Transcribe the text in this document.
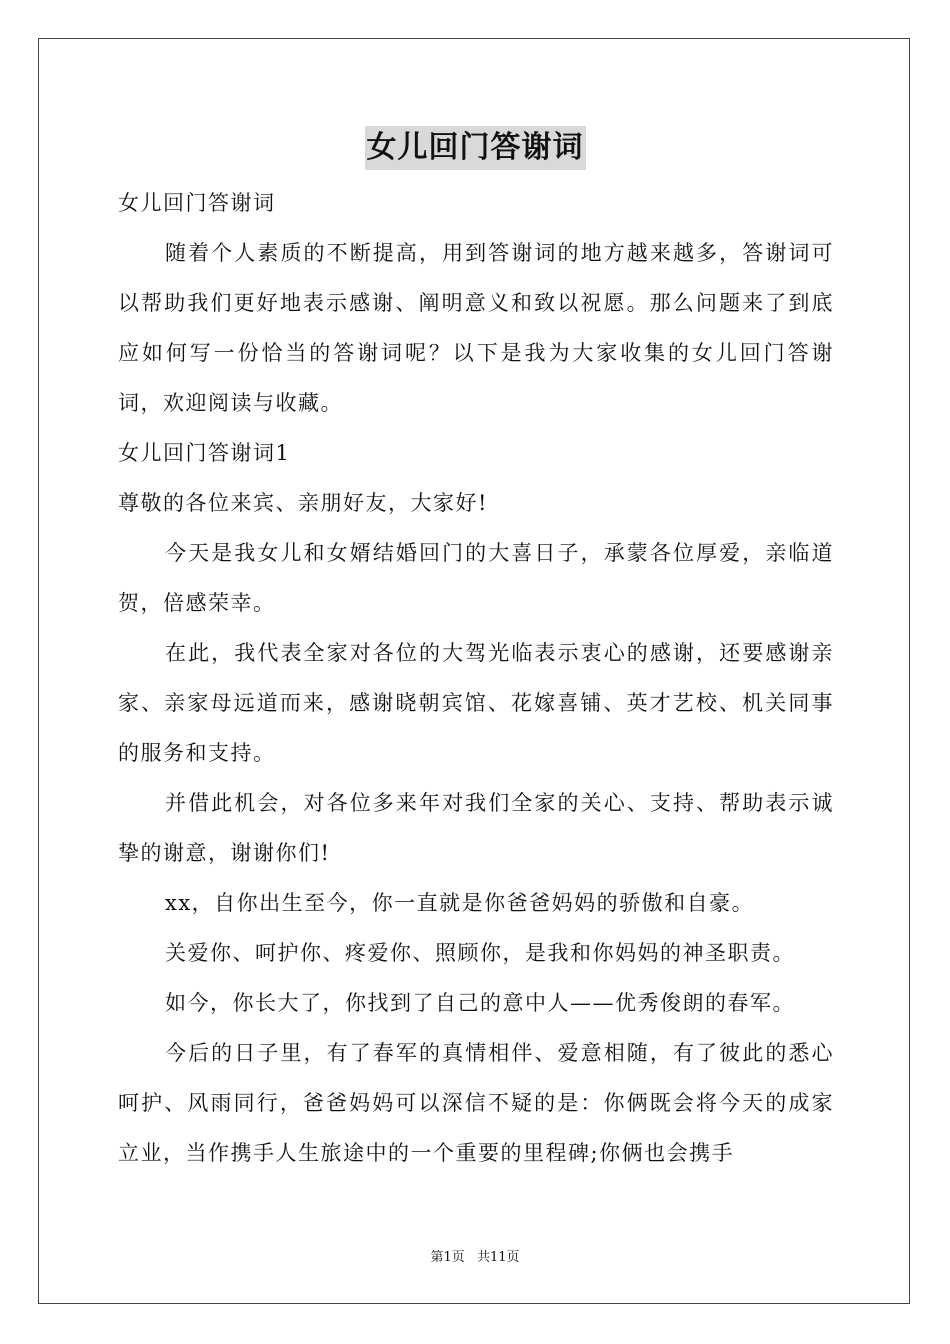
女儿回门答谢词

女儿回门答谢词

随着个人素质的不断提高，用到答谢词的地方越来越多，答谢词可以帮助我们更好地表示感谢、阐明意义和致以祝愿。那么问题来了到底应如何写一份恰当的答谢词呢？以下是我为大家收集的女儿回门答谢词，欢迎阅读与收藏。

女儿回门答谢词1

尊敬的各位来宾、亲朋好友，大家好!

今天是我女儿和女婿结婚回门的大喜日子，承蒙各位厚爱，亲临道贺，倍感荣幸。

在此，我代表全家对各位的大驾光临表示衷心的感谢，还要感谢亲家、亲家母远道而来，感谢晓朝宾馆、花嫁喜铺、英才艺校、机关同事的服务和支持。

并借此机会，对各位多来年对我们全家的关心、支持、帮助表示诚挚的谢意，谢谢你们!

xx，自你出生至今，你一直就是你爸爸妈妈的骄傲和自豪。

关爱你、呵护你、疼爱你、照顾你，是我和你妈妈的神圣职责。

如今，你长大了，你找到了自己的意中人——优秀俊朗的春军。

今后的日子里，有了春军的真情相伴、爱意相随，有了彼此的悉心呵护、风雨同行，爸爸妈妈可以深信不疑的是：你俩既会将今天的成家立业，当作携手人生旅途中的一个重要的里程碑;你俩也会携手

第1页 共11页
